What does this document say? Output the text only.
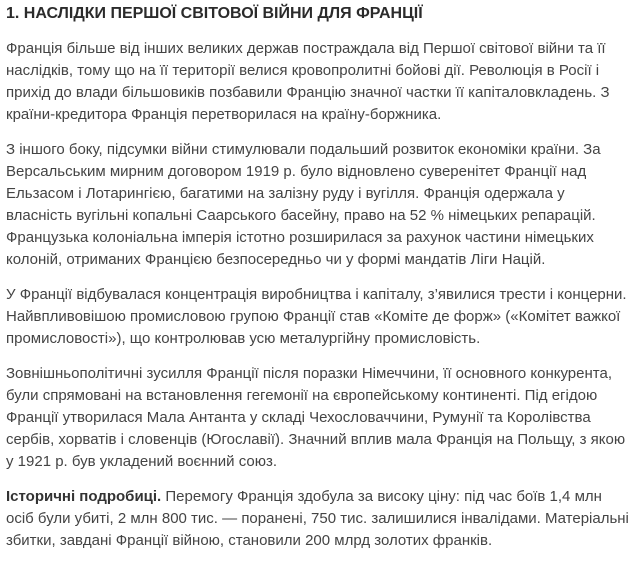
1. НАСЛІДКИ ПЕРШОЇ СВІТОВОЇ ВІЙНИ ДЛЯ ФРАНЦІЇ

Франція більше від інших великих держав постраждала від Першої світової війни та її наслідків, тому що на її території велися кровопролитні бойові дії. Революція в Росії і прихід до влади більшовиків позбавили Францію значної частки її капіталовкладень. З країни-кредитора Франція перетворилася на країну-боржника.

З іншого боку, підсумки війни стимулювали подальший розвиток економіки країни. За Версальським мирним договором 1919 р. було відновлено суверенітет Франції над Ельзасом і Лотарингією, багатими на залізну руду і вугілля. Франція одержала у власність вугільні копальні Саарського басейну, право на 52 % німецьких репарацій. Французька колоніальна імперія істотно розширилася за рахунок частини німецьких колоній, отриманих Францією безпосередньо чи у формі мандатів Ліги Націй.

У Франції відбувалася концентрація виробництва і капіталу, з’явилися трести і концерни. Найвпливовішою промисловою групою Франції став «Коміте де форж» («Комітет важкої промисловості»), що контролював усю металургійну промисловість.

Зовнішньополітичні зусилля Франції після поразки Німеччини, її основного конкурента, були спрямовані на встановлення гегемонії на європейському континенті. Під егідою Франції утворилася Мала Антанта у складі Чехословаччини, Румунії та Королівства сербів, хорватів і словенців (Югославії). Значний вплив мала Франція на Польщу, з якою у 1921 р. був укладений воєнний союз.

Історичні подробиці. Перемогу Франція здобула за високу ціну: під час боїв 1,4 млн осіб були убиті, 2 млн 800 тис. — поранені, 750 тис. залишилися інвалідами. Матеріальні збитки, завдані Франції війною, становили 200 млрд золотих франків.
